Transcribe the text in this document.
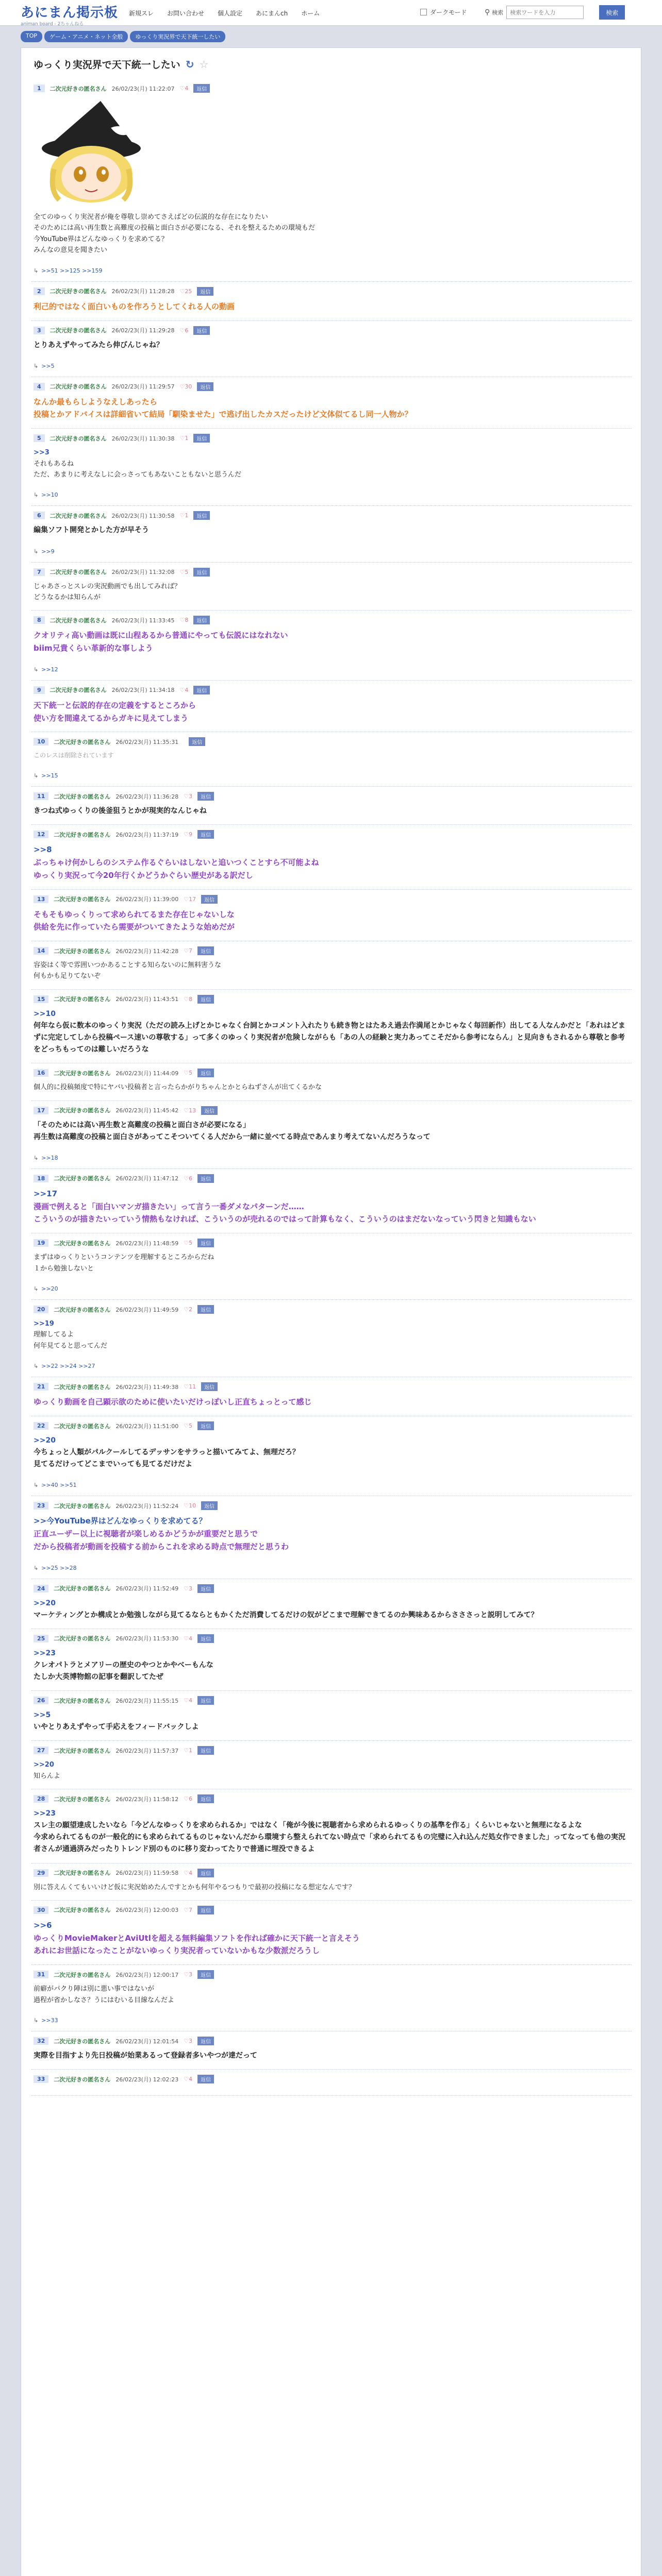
あにまん掲示板
animan board - 2ちゃんねる
新規スレ お問い合わせ 個人設定 あにまんch ホーム	ダークモード ⚲ 検索
検索ワードを入力	検索
TOP	ゲーム・アニメ・ネット全般	ゆっくり実況界で天下統一したい
ゆっくり実況界で天下統一したい ↻ ☆
1	二次元好きの匿名さん 26/02/23(月) 11:22:07 ♡4	返信
全てのゆっくり実況者が俺を尊敬し崇めてさえばどの伝説的な存在になりたい
そのためには高い再生数と高難度の投稿と面白さが必要になる、それを整えるための環境もだ
今YouTube界はどんなゆっくりを求めてる？
みんなの意見を聞きたい
↳ >>51 >>125 >>159
2	二次元好きの匿名さん 26/02/23(月) 11:28:28 ♡25	返信
利己的ではなく面白いものを作ろうとしてくれる人の動画
3	二次元好きの匿名さん 26/02/23(月) 11:29:28 ♡6	返信
とりあえずやってみたら伸びんじゃね？
↳ >>5
4	二次元好きの匿名さん 26/02/23(月) 11:29:57 ♡30	返信
なんか最もらしようなえしあったら
投稿とかアドバイスは詳細省いて結局「馴染ませた」で逃げ出したカスだったけど文体似てるし同一人物か？
5	二次元好きの匿名さん 26/02/23(月) 11:30:38 ♡1	返信
>>3
それもあるね
ただ、あまりに考えなしに会っさってもあないこともないと思うんだ
↳ >>10
6	二次元好きの匿名さん 26/02/23(月) 11:30:58 ♡1	返信
編集ソフト開発とかした方が早そう
↳ >>9
7	二次元好きの匿名さん 26/02/23(月) 11:32:08 ♡5	返信
じゃあさっとスレの実況動画でも出してみれば？
どうなるかは知らんが
8	二次元好きの匿名さん 26/02/23(月) 11:33:45 ♡8	返信
クオリティ高い動画は既に山程あるから普通にやっても伝説にはなれない
biim兄貴くらい革新的な事しよう
↳ >>12
9	二次元好きの匿名さん 26/02/23(月) 11:34:18 ♡4	返信
天下統一と伝説的存在の定義をするところから
使い方を間違えてるからガキに見えてしまう
10	二次元好きの匿名さん 26/02/23(月) 11:35:31	返信
このレスは削除されています
↳ >>15
11	二次元好きの匿名さん 26/02/23(月) 11:36:28 ♡3	返信
きつね式ゆっくりの後釜狙うとかが現実的なんじゃね
12	二次元好きの匿名さん 26/02/23(月) 11:37:19 ♡9	返信
>>8
ぶっちゃけ何かしらのシステム作るぐらいはしないと追いつくことすら不可能よね
ゆっくり実況って今20年行くかどうかぐらい歴史がある訳だし
13	二次元好きの匿名さん 26/02/23(月) 11:39:00 ♡17	返信
そもそもゆっくりって求められてるまた存在じゃないしな
供給を先に作っていたら需要がついてきたような始めだが
14	二次元好きの匿名さん 26/02/23(月) 11:42:28 ♡7	返信
容姿はく等で雰囲いつかあることする知らないのに無料害うな
何もかも足りてないぞ
15	二次元好きの匿名さん 26/02/23(月) 11:43:51 ♡8	返信
>>10
何年なら仮に数本のゆっくり実況（ただの読み上げとかじゃなく台詞とかコメント入れたりも続き物とはたあえ過去作満尾とかじゃなく毎回新作）出してる人なんかだと「あれはどまずに完定してしから投稿ペース速いの尊敬する」って多くのゆっくり実況者が危険しながらも「あの人の経験と実力あってこそだから参考にならん」と見向きもされるから尊敬と参考をどっちもってのは難しいだろうな
16	二次元好きの匿名さん 26/02/23(月) 11:44:09 ♡5	返信
個人的に投稿頻度で特にヤバい投稿者と言ったらかがりちゃんとかとらねずさんが出てくるかな
17	二次元好きの匿名さん 26/02/23(月) 11:45:42 ♡13	返信
「そのためには高い再生数と高難度の投稿と面白さが必要になる」
再生数は高難度の投稿と面白さがあってこそついてくる人だから一緒に並べてる時点であんまり考えてないんだろうなって
↳ >>18
18	二次元好きの匿名さん 26/02/23(月) 11:47:12 ♡6	返信
>>17
漫画で例えると「面白いマンガ描きたい」って言う一番ダメなパターンだ……
こういうのが描きたいっていう情熱もなければ、こういうのが売れるのではって計算もなく、こういうのはまだないなっていう閃きと知識もない
19	二次元好きの匿名さん 26/02/23(月) 11:48:59 ♡5	返信
まずはゆっくりというコンテンツを理解するところからだね
１から勉強しないと
↳ >>20
20	二次元好きの匿名さん 26/02/23(月) 11:49:59 ♡2	返信
>>19
理解してるよ
何年見てると思ってんだ
↳ >>22 >>24 >>27
21	二次元好きの匿名さん 26/02/23(月) 11:49:38 ♡11	返信
ゆっくり動画を自己顕示欲のために使いたいだけっぽいし正直ちょっとって感じ
22	二次元好きの匿名さん 26/02/23(月) 11:51:00 ♡5	返信
>>20
今ちょっと人類がパルクールしてるデッサンをサラっと描いてみてよ、無理だろ？
見てるだけってどこまでいっても見てるだけだよ
↳ >>40 >>51
23	二次元好きの匿名さん 26/02/23(月) 11:52:24 ♡10	返信
>>今YouTube界はどんなゆっくりを求めてる？
正直ユーザー以上に視聴者が楽しめるかどうかが重要だと思うで
だから投稿者が動画を投稿する前からこれを求める時点で無理だと思うわ
↳ >>25 >>28
24	二次元好きの匿名さん 26/02/23(月) 11:52:49 ♡3	返信
>>20
マーケティングとか構成とか勉強しながら見てるならともかくただ消費してるだけの奴がどこまで理解できてるのか興味あるからさささっと説明してみて？
25	二次元好きの匿名さん 26/02/23(月) 11:53:30 ♡4	返信
>>23
クレオパトラとメアリーの歴史のやつとかやべーもんな
たしか大英博物館の記事を翻訳してたぜ
26	二次元好きの匿名さん 26/02/23(月) 11:55:15 ♡4	返信
>>5
いやとりあえずやって手応えをフィードバックしよ
27	二次元好きの匿名さん 26/02/23(月) 11:57:37 ♡1	返信
>>20
知らんよ
28	二次元好きの匿名さん 26/02/23(月) 11:58:12 ♡6	返信
>>23
スレ主の願望達成したいなら「今どんなゆっくりを求められるか」ではなく「俺が今後に視聴者から求められるゆっくりの基準を作る」くらいじゃないと無理になるよな
今求められてるものが一般化的にも求められてるものじゃないんだから環境すら整えられてない時点で「求められてるもの完璧に入れ込んだ処女作できました」ってなっても他の実況者さんが通過済みだったりトレンド別のものに移り変わってたりで普通に埋没できるよ
29	二次元好きの匿名さん 26/02/23(月) 11:59:58 ♡4	返信
別に答えんくてもいいけど仮に実況始めたんですとかも何年やるつもりで最初の投稿になる想定なんです？
30	二次元好きの匿名さん 26/02/23(月) 12:00:03 ♡7	返信
>>6
ゆっくりMovieMakerとAviUtlを超える無料編集ソフトを作れば確かに天下統一と言えそう
あれにお世話になったことがないゆっくり実況者っていないかもな少数派だろうし
31	二次元好きの匿名さん 26/02/23(月) 12:00:17 ♡3	返信
前癖がパクり陣は別に悪い事ではないが
過程が省かしなさ？うにはむいる目線なんだよ
↳ >>33
32	二次元好きの匿名さん 26/02/23(月) 12:01:54 ♡3	返信
実際を目指すより先日投稿が始業あるって登録者多いやつが達だって
33	二次元好きの匿名さん 26/02/23(月) 12:02:23 ♡4	返信
